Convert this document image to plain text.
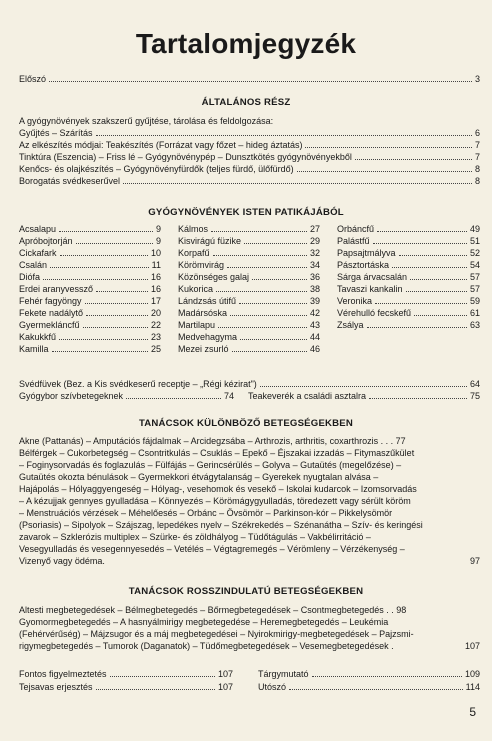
Tartalomjegyzék
Előszó	3
ÁLTALÁNOS RÉSZ
A gyógynövények szakszerű gyűjtése, tárolása és feldolgozása:
Gyűjtés – Szárítás	6
Az elkészítés módjai: Teakészítés (Forrázat vagy főzet – hideg áztatás)	7
Tinktúra (Eszencia) – Friss lé – Gyógynövénypép – Dunsztkötés gyógynövényekből	7
Kenőcs- és olajkészítés – Gyógynövényfürdők (teljes fürdő, ülőfürdő)	8
Borogatás svédkeserűvel	8
GYÓGYNÖVÉNYEK ISTEN PATIKÁJÁBÓL
Acsalapu	9
Apróbojtorján	9
Cickafark	10
Csalán	11
Diófa	16
Erdei aranyvessző	16
Fehér fagyöngy	17
Fekete nadálytő	20
Gyermekláncfű	22
Kakukkfű	23
Kamilla	25
Kálmos	27
Kisvirágú füzike	29
Korpafű	32
Körömvirág	34
Közönséges galaj	36
Kukorica	38
Lándzsás útifű	39
Madársóska	42
Martilapu	43
Medvehagyma	44
Mezei zsurló	46
Orbáncfű	49
Palástfű	51
Papsajtmályva	52
Pásztortáska	54
Sárga árvacsalán	57
Tavaszi kankalin	57
Veronika	59
Vérehulló fecskefű	61
Zsálya	63
Svédfüvek (Bez. a Kis svédkeserű receptje – „Régi kézirat")	64
Gyógybor szívbetegeknek	74 Teakeverék a családi asztalra	75
TANÁCSOK KÜLÖNBÖZŐ BETEGSÉGEKBEN
Akne (Pattanás) – Amputációs fájdalmak – Arcidegzsába – Arthrozis, arthritis, coxarthrozis . . . 77
Bélférgek – Cukorbetegség – Csontritkulás – Csuklás – Epekő – Éjszakai izzadás – Fitymaszűkület
– Foginysorvadás és foglazulás – Fülfájás – Gerincsérülés – Golyva – Gutaütés (megelőzése) –
Gutaütés okozta bénulások – Gyermekkori étvágytalanság – Gyerekek nyugtalan alvása –
Hajápolás – Hólyaggyengeség – Hólyag-, vesehomok és vesekő – Iskolai kudarcok – Izomsorvadás
– A kézujjak gennyes gyulladása – Könnyezés – Körömágygyulladás, töredezett vagy sérült köröm
– Menstruációs vérzések – Méhelőesés – Orbánc – Övsömör – Parkinson-kór – Pikkelysömör
(Psoriasis) – Sipolyok – Szájszag, lepedékes nyelv – Székrekedés – Szénanátha – Szív- és keringési
zavarok – Szklerózis multiplex – Szürke- és zöldhályog – Tüdőtágulás – Vakbélirritáció –
Vesegyulladás és vesegennyesedés – Vetélés – Végtagremegés – Vérömleny – Vérzékenység –
Vizenyő vagy ödéma.	97
TANÁCSOK ROSSZINDULATÚ BETEGSÉGEKBEN
Altesti megbetegedések – Bélmegbetegedés – Bőrmegbetegedések – Csontmegbetegedés . . 98
Gyomormegbetegedés – A hasnyálmirigy megbetegedése – Heremegbetegedés – Leukémia
(Fehérvérűség) – Májzsugor és a máj megbetegedései – Nyirokmirigy-megbetegedések – Pajzsmi-
rigymegbetegedés – Tumorok (Daganatok) – Tüdőmegbetegedések – Vesemegbetegedések .	107
Fontos figyelmeztetés	107
Tejsavas erjesztés	107
Tárgymutató	109
Utószó	114
5
